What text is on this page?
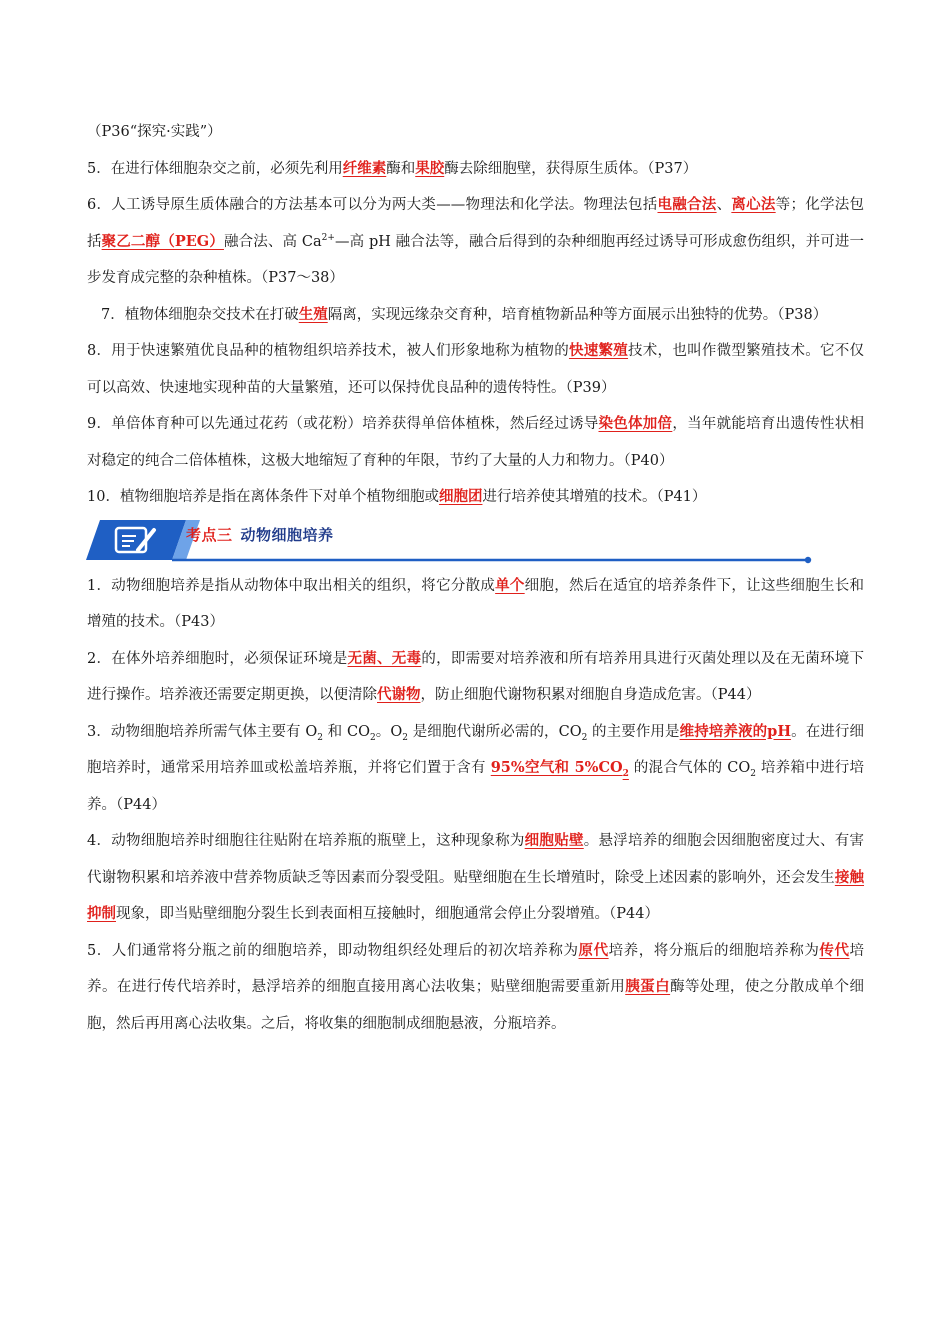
（P36“探究·实践”）

5．在进行体细胞杂交之前，必须先利用纤维素酶和果胶酶去除细胞壁，获得原生质体。（P37）

6．人工诱导原生质体融合的方法基本可以分为两大类——物理法和化学法。物理法包括电融合法、离心法等；化学法包括聚乙二醇（PEG）融合法、高 $Ca^{2+}—$高 pH 融合法等，融合后得到的杂种细胞再经过诱导可形成愈伤组织，并可进一步发育成完整的杂种植株。（P37～38）

7．植物体细胞杂交技术在打破生殖隔离，实现远缘杂交育种，培育植物新品种等方面展示出独特的优势。（P38）

8．用于快速繁殖优良品种的植物组织培养技术，被人们形象地称为植物的快速繁殖技术，也叫作微型繁殖技术。它不仅可以高效、快速地实现种苗的大量繁殖，还可以保持优良品种的遗传特性。（P39）

9．单倍体育种可以先通过花药（或花粉）培养获得单倍体植株，然后经过诱导染色体加倍，当年就能培育出遗传性状相对稳定的纯合二倍体植株，这极大地缩短了育种的年限，节约了大量的人力和物力。（P40）

10．植物细胞培养是指在离体条件下对单个植物细胞或细胞团进行培养使其增殖的技术。（P41）

考点三 动物细胞培养

1．动物细胞培养是指从动物体中取出相关的组织，将它分散成单个细胞，然后在适宜的培养条件下，让这些细胞生长和增殖的技术。（P43）

2．在体外培养细胞时，必须保证环境是无菌、无毒的，即需要对培养液和所有培养用具进行灭菌处理以及在无菌环境下进行操作。培养液还需要定期更换，以便清除代谢物，防止细胞代谢物积累对细胞自身造成危害。（P44）

3．动物细胞培养所需气体主要有 $O_2$ 和 $CO_2$。$O_2$ 是细胞代谢所必需的，$CO_2$ 的主要作用是维持培养液的pH。在进行细胞培养时，通常采用培养皿或松盖培养瓶，并将它们置于含有 95%空气和 $5\%CO_2$ 的混合气体的 $CO_2$ 培养箱中进行培养。（P44）

4．动物细胞培养时细胞往往贴附在培养瓶的瓶壁上，这种现象称为细胞贴壁。悬浮培养的细胞会因细胞密度过大、有害代谢物积累和培养液中营养物质缺乏等因素而分裂受阻。贴壁细胞在生长增殖时，除受上述因素的影响外，还会发生接触抑制现象，即当贴壁细胞分裂生长到表面相互接触时，细胞通常会停止分裂增殖。（P44）

5．人们通常将分瓶之前的细胞培养，即动物组织经处理后的初次培养称为原代培养，将分瓶后的细胞培养称为传代培养。在进行传代培养时，悬浮培养的细胞直接用离心法收集；贴壁细胞需要重新用胰蛋白酶等处理，使之分散成单个细胞，然后再用离心法收集。之后，将收集的细胞制成细胞悬液，分瓶培养。
